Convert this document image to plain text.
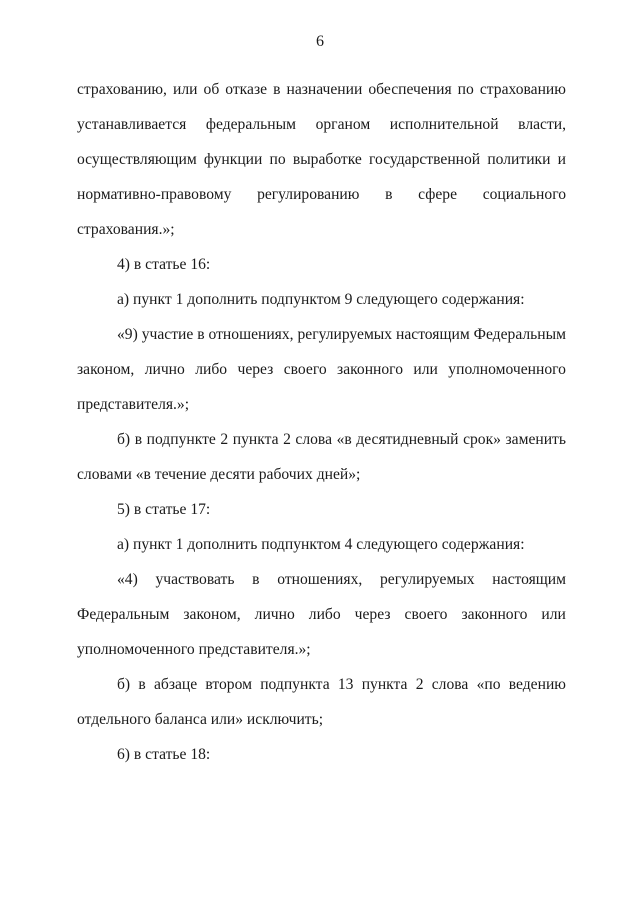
6
страхованию, или об отказе в назначении обеспечения по страхованию
устанавливается федеральным органом исполнительной власти,
осуществляющим функции по выработке государственной политики и
нормативно-правовому регулированию в сфере социального
страхования.»;
4) в статье 16:
а) пункт 1 дополнить подпунктом 9 следующего содержания:
«9) участие в отношениях, регулируемых настоящим Федеральным
законом, лично либо через своего законного или уполномоченного
представителя.»;
б) в подпункте 2 пункта 2 слова «в десятидневный срок» заменить
словами «в течение десяти рабочих дней»;
5) в статье 17:
а) пункт 1 дополнить подпунктом 4 следующего содержания:
«4) участвовать в отношениях, регулируемых настоящим
Федеральным законом, лично либо через своего законного или
уполномоченного представителя.»;
б) в абзаце втором подпункта 13 пункта 2 слова «по ведению
отдельного баланса или» исключить;
6) в статье 18:
